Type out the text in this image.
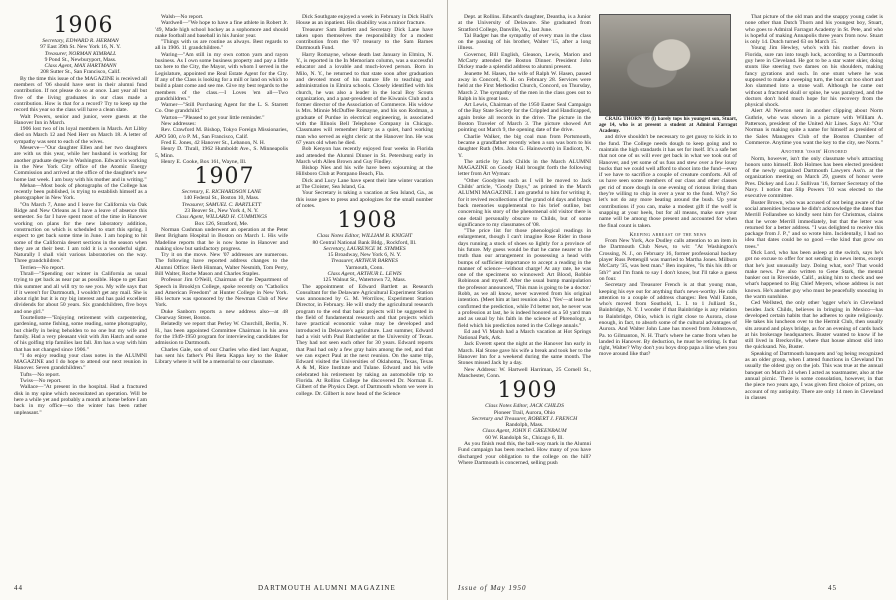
1906

Secretary, EDWARD R. HERMAN

97 East 39th St. New York 16, N. Y.

Treasurer, NORMAN KIMBALL

9 Pond St., Newburyport, Mass.

Class Agent, MAX HARTMANN

208 Sutter St., San Francisco, Calif.

By the time this issue of the MAGAZINE is received all members of '06 should have sent in their alumni fund contribution. If not please do so at once. Last year all but five of the living graduates in our class made a contribution. How is that for a record? Try to keep up the record this year so the class will have a clean slate.

Walt Powers, senior and junior, were guests at the Hanover Inn in March.

1906 lost two of its loyal members in March. Art Libby died on March 12 and Ned Herr on March 18. A letter of sympathy was sent to each of the wives.

Meserve—"Our daughter Ellen and her two daughters are with us this year, while her husband is working for another graduate degree in Washington. Edward is working in the New York City office of the Atomic Energy Commission and arrived at the office of the daughter's new home last week. I am busy with his mother and in writing."

Mehan—Most book of photographs of the College has recently been published, is trying to establish himself as a photographer in New York.

"On March 7, Anne and I leave for California via Oak Ridge and New Orleans as I have a leave of absence this semester. So far I have spent most of the time in Hanover working on plans for the new laboratory addition, construction on which is scheduled to start this spring. I expect to get back some time in June. I am hoping to hit some of the California desert sections in the season when they are at their best. I am told it is a wonderful sight. Naturally I shall visit various laboratories on the way. Three grandchildren."

Terrien—No report.

Thrall—"Spending our winter in California as usual trying to get back as near par as possible. Hope to get East this summer and all will try to see you. My wife says that if it weren't for Dartmouth, I wouldn't get any mail. She is about right but it is my big interest and has paid excellent dividends for about 50 years. Six grandchildren, five boys and one girl."

Tourtellotte—"Enjoying retirement with carpentering, gardening, some fishing, some reading, some photography, but chiefly in being beholden to no one but my wife and family. Had a very pleasant visit with Jim Hatch and some of his golfing trip families last fall. Jim has a way with him that has not changed since 1906."

"I do enjoy reading your class notes in the ALUMNI MAGAZINE and I do hope to attend our next reunion in Hanover. Seven grandchildren."

Tufts—No report.

Twiss—No report.

Wallace—"At present in the hospital. Had a fractured disk in my spine which necessitated an operation. Will be here a while yet and probably a month at home before I am back in my office—so the winter has been rather unpleasant."

Walsh—No report.

Wardwell—"We hope to have a fine athlete in Robert Jr. '49, Made high school hockey as a sophomore and should make football and baseball in his Junior year.

"Things with us are routine as always. Best regards to all in 1906. 11 grandchildren."

Waring—"Am still in my own cotton yarn and rayon business. As I own some business property and pay a little tax here to the City, the Mayor, with whom I served in the Legislature, appointed me Real Estate Agent for the City. If any of the Class is looking for a mill or land on which to build a plant come and see me. Give my best regards to the members of the class.—I Loves 'em all—Two grandchildren."

Warner—"Still Purchasing Agent for the L. S. Starrett Co. One grandchild."

Warton—"Pleased to get your little reminder."

New addresses:

Rev. Crawford M. Bishop, Tokyo Foreign Missionaries, APO 500, c/o P. M., San Francisco, Calif.

Fred E. Jones, 42 Hanover St., Lebanon, N. H.

Henry D. Thrall, 1962 Humboldt Ave., S. Minneapolis 5, Minn.

Henry E. Cooke, Box 161, Wayne, Ill.

1907

Secretary, E. RICHARDSON LANE

140 Federal St., Boston 10, Mass.

Treasurer, SAMUEL C. BARTLETT

23 Beaver St., New York 4, N. Y.

Class Agent, WILLARD H. CUMMINGS

Box 126, Stratford, Me.

Norman Cushman underwent an operation at the Peter Bent Brigham Hospital in Boston on March 1. His wife Madeline reports that he is now home in Hanover and making slow but satisfactory progress.

Try it on the move. New '07 addresses are numerous. The following have reported address changes to the Alumni Office: Herb Hinman, Walter Nesmith, Tom Perry, Bill Walter, Roche Mason and Charles Staples.

Professor Jim O'Neill, Chairman of the Department of Speech in Brooklyn College, spoke recently on "Catholics and American Freedom" at Hunter College in New York. His lecture was sponsored by the Newman Club of New York.

Duke Sanborn reports a new address also—at 48 Clearway Street, Boston.

Belatedly we report that Perley W. Churchill, Berlin, N. H., has been appointed Committee Chairman in his area for the 1949-1950 program for interviewing candidates for admission to Dartmouth.

Charles Gale, son of our Charles who died last August, has sent his father's Phi Beta Kappa key to the Baker Library where it will be a memorial to our classmate.

Dick Southgate enjoyed a week in February in Dick Hall's House as an inpatient. His disability was a minor fracture.

Treasurer Sam Bartlett and Secretary Dick Lane have taken upon themselves the responsibility for a modest contribution from the '07 treasury to the Sam Barnes Dartmouth Fund.

Harry Romayne, whose death last January in Elmira, N. Y., is reported in the In Memoriam column, was a successful educator and a lovable and much-loved person. Born in Milo, N. Y., he returned to that state soon after graduation and devoted most of his mature life to teaching and administration in Elmira schools. Closely identified with his church, he was also a leader in the local Boy Scouts organization, and a past-president of the Kiwanis Club and a former director of the Association of Commerce. His widow is Mrs. Minnie McDuffee Romayne, and his son Rodman, a graduate of Purdue in electrical engineering, is associated with the Illinois Bell Telephone Company in Chicago. Classmates will remember Harry as a quiet, hard working man who served as eight cleric at the Hanover Inn. He was 67 years old when he died.

Bob Kenyon has recently enjoyed four weeks in Florida and attended the Alumni Dinner in St. Petersburg early in March with Allen Brown and Guy Findley.

Bishop Nies and his wife have been sojourning at the Hillsboro Club at Pompano Beach, Fla.

Dick and Lucy Lane have spent their late winter vacation at The Cloister, Sea Island, Ga.

Your Secretary is taking a vacation at Sea Island, Ga., as this issue goes to press and apologizes for the small number of notes.

1908

Class Notes Editor, WILLIAM B. KNIGHT

80 Central National Bank Bldg., Rockford, Ill.

Secretary, LAURENCE M. SYMMES

15 Broadway, New York 6, N. Y.

Treasurer, ARTHUR BARNES

Yarmouth, Conn.

Class Agent, ARTHUR L. LEWIS

125 Walnut St., Watertown 72, Mass.

The appointment of Edward Bartlett as Research Consultant for the Delaware Agricultural Experiment Station was announced by G. M. Worrilow, Experiment Station Director, in February. He will study the agricultural research program to the end that basic projects will be suggested in the field of fundamental research and that projects which have practical economic value may be developed and introduced in Delaware's agriculture. Last summer, Edward had a visit with Paul Batchelder at the University of Texas. They had not seen each other for 30 years. Edward reports that Paul had only a few gray hairs among the red, and that we can expect Paul at the next reunion. On the same trip, Edward visited the Universities of Oklahoma, Texas, Texas A & M, Rice Institute and Tulane. Edward and his wife celebrated his retirement by taking an automobile trip to Florida. At Rollins College he discovered Dr. Norman E. Gilbert of the Physics Dept. of Dartmouth whom we were in college. Dr. Gilbert is now head of the Science

44	DARTMOUTH ALUMNI MAGAZINE

Dept. at Rollins. Edward's daughter, Deantha, is a Junior at the University of Delaware. She graduated from Stratford College, Danville, Va., last June.

Tal Badger has the sympathy of every man in the class on the passing of his brother, Walter '15, after a long illness.

Governor, Bill English, Gleason, Lewis, Marion and McCarty attended the Boston Dinner. President John Dickey made a splendid address to alumni present.

Jeanette M. Hasen, the wife of Ralph W. Hasen, passed away in Concord, N. H. on February 28. Services were held at the First Methodist Church, Concord, on Thursday, March 2. The sympathy of the men in the class goes out to Ralph in his great loss.

Art Lewis, Chairman of the 1950 Easter Seal Campaign of the Bay State Society for the Crippled and Handicapped, again broke all records in the drive. The picture in the Boston Traveler of March 3. The picture showed Art pointing out March 9, the opening date of the drive.

Charlie Walker, the big coal man from Portsmouth, became a grandfather recently when a son was born to his daughter Ruth (Mrs. John G. Hainsworth) in Endicott, N. Y.

The article by Jack Childs in the March ALUMNI MAGAZINE on Goody Hall brought forth the following letter from Art Wyman:

"Other Goodyites such as I will be moved to Jack Childs' article, "Goody Days," as printed in the March ALUMNI MAGAZINE. I am grateful to him for writing it, for it revived recollections of the grand old days and brings back memories supplemental to his brief outline, but concerning his story of the phenomenal old visitor there is one detail personally obscure to Childs, but of some significance to my classmates of '08.

"The price list for those phenological readings in enlargement, though I can't imagine Rose Rider in those days running a stock of shoes so lightly for a province of his future. My guess would be that he came nearer to the truth than our arrangement in possessing a head with bumps of sufficient importance to accept a reading in the manner of science—without charge! At any rate, he was one of the specimens so winnowed: Art Blood, Robbie Robinson and myself. After the usual bump manipulation the professor announced, 'This man is going to be a doctor.' Robb, as we all know, never wavered from his original intention. (Meet him at last reunion also.) 'Yes'—at least he confirmed the prediction, while I'd better not, he never was a profession at last, he is indeed honored as a 50 yard man and as usual by his faith in the science of Phrenology, a field which his prediction noted in the College annals."

Ed and Vi Marsh had a March vacation at Hot Springs National Park, Ark.

Jack Everett spent the night at the Hanover Inn early in March. Hal Stone gave his wife a break and took her to the Hanover Inn for a weekend during the same month. The Stones missed Jack by a day.

New Address: W. Hartwell Harriman, 25 Cornell St., Manchester, Conn.

1909

Class Notes Editor, JACK CHILDS

Pioneer Trail, Aurora, Ohio

Secretary and Treasurer, ROBERT J. FRENCH

Randolph, Mass.

Class Agent, JOHN F. GREENBAUM

60 W. Randolph St., Chicago 6, Ill.

As you finish read this, the ball-way mark in the Alumni Fund campaign has been reached. How many of you have discharged your obligation to the college on the hill? Where Dartmouth is concerned, selling push

CRAIG THORN '09 (l) barely tops his youngest son, Stuart, age 14, who is at present a student at Admiral Farragut Academy.

and drive shouldn't be necessary to get gussy to kick in to the fund. The College needs dough to keep going and to maintain the high standards it has set for itself. It's a safe bet that not one of us will ever get back in what we took out of Hanover, and yet some of us fuss and stew over a few lousy bucks that we could well afford to shoot into the fund—even if we have to sacrifice a couple of creature comforts. All of us have seen some members of our class and other classes get rid of more dough in one evening of riotous living than they're willing to chip in over a year to the fund. Why? So let's not do any more beating around the bush. Up your contributions if you can, make a modest gift if the wolf is snapping at your heels, but for all means, make sure your name will be among those present and accounted for when the final count is taken.

Keeping abreast of the news

From New York, Ace Dudley calls attention to an item in the Dartmouth Club News, to wit: "At Washington's Crossing, N. J., on February 16, former professional hockey player Russ Pettengill was married to Martha Jones. Milburn McCarty '35, was best man." Ben inquires, "Is this his 4th or 5th?" and I'm frank to say I don't know, but I'll take a guess on four.

Secretary and Treasurer French is at that young man, keeping his eye out for anything that's news-worthy. He calls attention to a couple of address changes: Ben Wall Eaton, who's moved from Southold, L. I. to 1 Julliard St., Bainbridge, N. Y. I wonder if that Bainbridge is any relation to Bainbridge, Ohio, which is right close to Aurora, close enough, in fact, to absorb some of the cultural advantages of Aurora. And Walter John Lane has moved from Johnstown, Pa. to Gilmanton, N. H. That's where he came from when he landed in Hanover. By deduction, he must be retiring. Is that right, Walter? Why don't you boys drop papa a line when you move around like that?

That picture of the old man and the snappy young cadet is none other than Dutch Thorn and his youngest boy, Stuart, who goes to Admiral Farragut Academy in St. Pete, and who is hopeful of making Annapolis three years from now. Stuart is only 14. Dutch turned 63 on March 15.

Young Jim Hewley, who's with his mother down in Florida, sure ran into tough luck, according to a Dartmouth guy here in Cleveland. He got to be a star water skier, doing stunts like steering two dames on his shoulders, making fancy gyrations and such. In one stunt where he was supposed to make a sweeping turn, the boat cut too short and Jon slammed into a stone wall. Although he came out without a fractured skull or spine, he was paralyzed, and the doctors don't hold much hope for his recovery from the physical shock.

Alert Al Newton sent in another clipping about Norm Guthrie, who was shown in a picture with William A. Patterson, president of the United Air Lines. Says Al: "Our Norman is making quite a name for himself as president of the Sales Managers Club of the Boston Chamber of Commerce. Anytime you want the key to the city, see Norm."

Another 'ossir' Honored

Norm, however, isn't the only classmate who's attracting honors unto himself. Bob Holmes has been elected president of the newly organized Dartmouth Lawyers Ass'n. at the organization meeting on March 29, guests of honor were Pres. Dickey and Lou J. Sullivan '16, former Secretary of the Navy. I notice that Slip Powers '10 was elected to the executive committee.

Buster Brown, who was accused of not being aware of the social amenities because he didn't acknowledge the dates that Merrill Follansbee so kindly sent him for Christmas, claims that he wrote Merrill immediately, but that the letter was returned for a better address. "I was delighted to receive this package from J. P.," and so wrote him. Incidentally, I had no idea that dates could be so good —the kind that grow on trees."

Dick Lord, who has been asleep at the switch, says he's got no excuse to offer for not sending in news items, except that he's just unusually lazy. Doing what, son? That would make news. I've also written to Gene Stark, the mental banker out in Riverside, Calif., asking him to check and see what's happened to Big Chief Meyers, whose address is not known. He's another guy who must be peacefully snoozing in the warm sunshine.

Ced Wellsted, the only other 'ogger who's in Cleveland besides Jack Childs, believes in bringing in Mexico—has developed certain habits that he adheres to quite religiously. He takes his luncheon over to the Hermit Club, then usually sits around and plays bridge, as for an evening of cards back at his brokerage headquarters. Buster wanted to know if he still lived in Brecksville, where that house almost slid into the quicksand. No, Buster.

Speaking of Dartmouth banquets and 'og being recognized as an older group, when I attend functions in Cleveland I'm usually the oldest guy on the job. This was true at the annual banquet on March 24 when I acted as toastmaster, also at the annual picnic. There is some consolation, however, in that the piece two years ago, I was given first choice of prizes, on account of my antiquity. There are only 14 men in Cleveland in classes

Issue of May 1950	45
